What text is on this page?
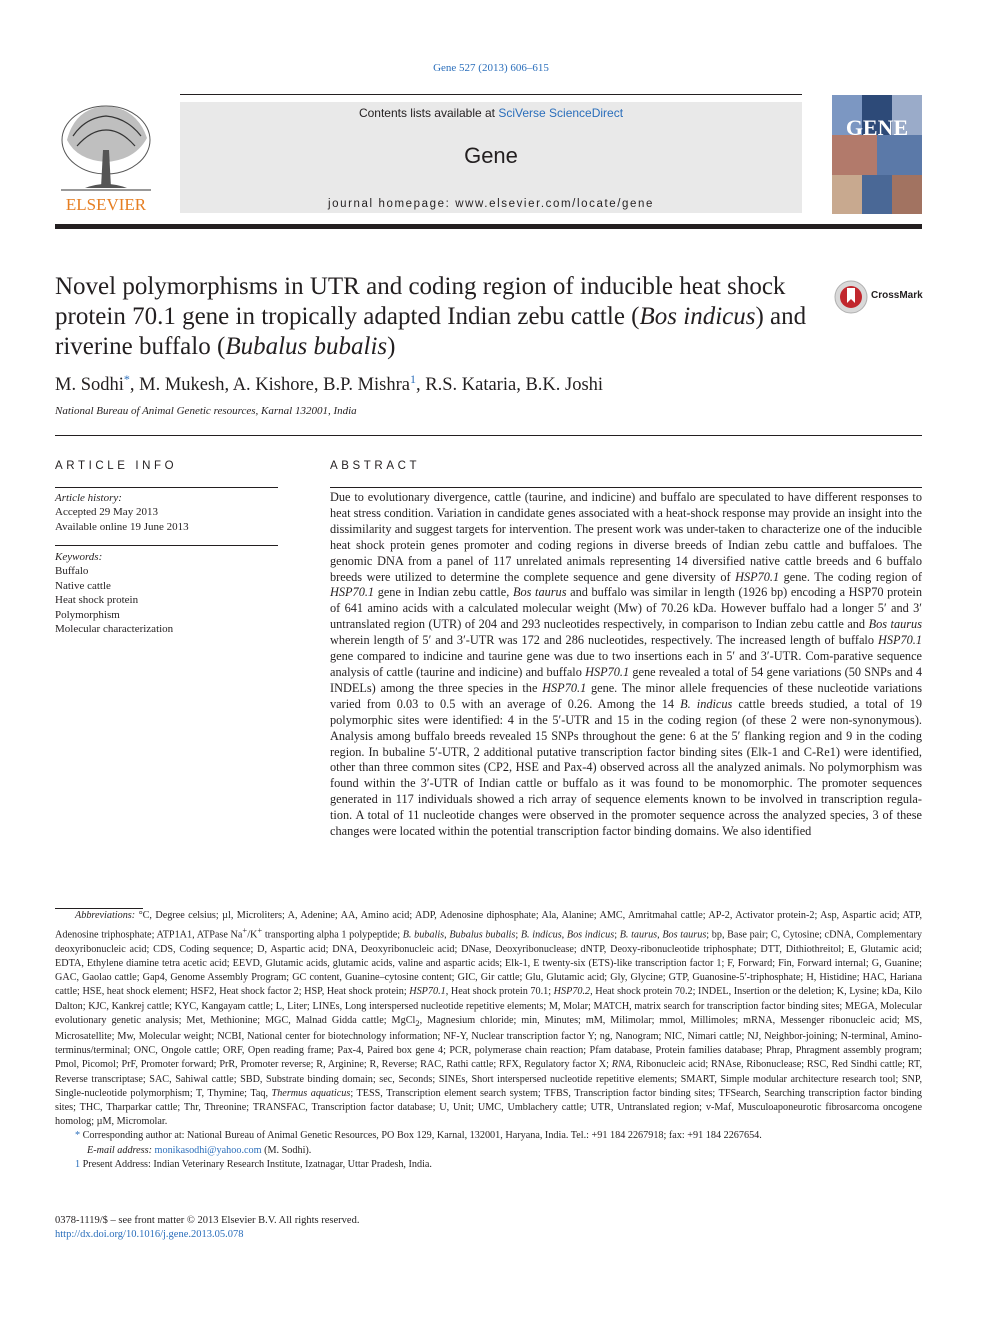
Gene 527 (2013) 606–615
ELSEVIER
Contents lists available at SciVerse ScienceDirect
Gene
journal homepage: www.elsevier.com/locate/gene
GENE
Novel polymorphisms in UTR and coding region of inducible heat shock protein 70.1 gene in tropically adapted Indian zebu cattle (Bos indicus) and riverine buffalo (Bubalus bubalis)
CrossMark
M. Sodhi*, M. Mukesh, A. Kishore, B.P. Mishra$^1$, R.S. Kataria, B.K. Joshi
National Bureau of Animal Genetic resources, Karnal 132001, India
ARTICLE INFO
Article history:
Accepted 29 May 2013
Available online 19 June 2013
Keywords:
Buffalo
Native cattle
Heat shock protein
Polymorphism
Molecular characterization
ABSTRACT
Due to evolutionary divergence, cattle (taurine, and indicine) and buffalo are speculated to have different responses to heat stress condition. Variation in candidate genes associated with a heat-shock response may provide an insight into the dissimilarity and suggest targets for intervention. The present work was under-taken to characterize one of the inducible heat shock protein genes promoter and coding regions in diverse breeds of Indian zebu cattle and buffaloes. The genomic DNA from a panel of 117 unrelated animals representing 14 diversified native cattle breeds and 6 buffalo breeds were utilized to determine the complete sequence and gene diversity of HSP70.1 gene. The coding region of HSP70.1 gene in Indian zebu cattle, Bos taurus and buffalo was similar in length (1926 bp) encoding a HSP70 protein of 641 amino acids with a calculated molecular weight (Mw) of 70.26 kDa. However buffalo had a longer 5′ and 3′ untranslated region (UTR) of 204 and 293 nucleotides respectively, in comparison to Indian zebu cattle and Bos taurus wherein length of 5′ and 3′-UTR was 172 and 286 nucleotides, respectively. The increased length of buffalo HSP70.1 gene compared to indicine and taurine gene was due to two insertions each in 5′ and 3′-UTR. Com-parative sequence analysis of cattle (taurine and indicine) and buffalo HSP70.1 gene revealed a total of 54 gene variations (50 SNPs and 4 INDELs) among the three species in the HSP70.1 gene. The minor allele frequencies of these nucleotide variations varied from 0.03 to 0.5 with an average of 0.26. Among the 14 B. indicus cattle breeds studied, a total of 19 polymorphic sites were identified: 4 in the 5′-UTR and 15 in the coding region (of these 2 were non-synonymous). Analysis among buffalo breeds revealed 15 SNPs throughout the gene: 6 at the 5′ flanking region and 9 in the coding region. In bubaline 5′-UTR, 2 additional putative transcription factor binding sites (Elk-1 and C-Re1) were identified, other than three common sites (CP2, HSE and Pax-4) observed across all the analyzed animals. No polymorphism was found within the 3′-UTR of Indian cattle or buffalo as it was found to be monomorphic. The promoter sequences generated in 117 individuals showed a rich array of sequence elements known to be involved in transcription regula-tion. A total of 11 nucleotide changes were observed in the promoter sequence across the analyzed species, 3 of these changes were located within the potential transcription factor binding domains. We also identified
Abbreviations: °C, Degree celsius; µl, Microliters; A, Adenine; AA, Amino acid; ADP, Adenosine diphosphate; Ala, Alanine; AMC, Amritmahal cattle; AP-2, Activator protein-2; Asp, Aspartic acid; ATP, Adenosine triphosphate; ATP1A1, ATPase Na+/K+ transporting alpha 1 polypeptide; B. bubalis, Bubalus bubalis; B. indicus, Bos indicus; B. taurus, Bos taurus; bp, Base pair; C, Cytosine; cDNA, Complementary deoxyribonucleic acid; CDS, Coding sequence; D, Aspartic acid; DNA, Deoxyribonucleic acid; DNase, Deoxyribonuclease; dNTP, Deoxy-ribonucleotide triphosphate; DTT, Dithiothreitol; E, Glutamic acid; EDTA, Ethylene diamine tetra acetic acid; EEVD, Glutamic acids, glutamic acids, valine and aspartic acids; Elk-1, E twenty-six (ETS)-like transcription factor 1; F, Forward; Fin, Forward internal; G, Guanine; GAC, Gaolao cattle; Gap4, Genome Assembly Program; GC content, Guanine–cytosine content; GIC, Gir cattle; Glu, Glutamic acid; Gly, Glycine; GTP, Guanosine-5′-triphosphate; H, Histidine; HAC, Hariana cattle; HSE, heat shock element; HSF2, Heat shock factor 2; HSP, Heat shock protein; HSP70.1, Heat shock protein 70.1; HSP70.2, Heat shock protein 70.2; INDEL, Insertion or the deletion; K, Lysine; kDa, Kilo Dalton; KJC, Kankrej cattle; KYC, Kangayam cattle; L, Liter; LINEs, Long interspersed nucleotide repetitive elements; M, Molar; MATCH, matrix search for transcription factor binding sites; MEGA, Molecular evolutionary genetic analysis; Met, Methionine; MGC, Malnad Gidda cattle; MgCl$_2$, Magnesium chloride; min, Minutes; mM, Milimolar; mmol, Millimoles; mRNA, Messenger ribonucleic acid; MS, Microsatellite; Mw, Molecular weight; NCBI, National center for biotechnology information; NF-Y, Nuclear transcription factor Y; ng, Nanogram; NIC, Nimari cattle; NJ, Neighbor-joining; N-terminal, Amino-terminus/terminal; ONC, Ongole cattle; ORF, Open reading frame; Pax-4, Paired box gene 4; PCR, polymerase chain reaction; Pfam database, Protein families database; Phrap, Phragment assembly program; Pmol, Picomol; PrF, Promoter forward; PrR, Promoter reverse; R, Arginine; R, Reverse; RAC, Rathi cattle; RFX, Regulatory factor X; RNA, Ribonucleic acid; RNAse, Ribonuclease; RSC, Red Sindhi cattle; RT, Reverse transcriptase; SAC, Sahiwal cattle; SBD, Substrate binding domain; sec, Seconds; SINEs, Short interspersed nucleotide repetitive elements; SMART, Simple modular architecture research tool; SNP, Single-nucleotide polymorphism; T, Thymine; Taq, Thermus aquaticus; TESS, Transcription element search system; TFBS, Transcription factor binding sites; TFSearch, Searching transcription factor binding sites; THC, Tharparkar cattle; Thr, Threonine; TRANSFAC, Transcription factor database; U, Unit; UMC, Umblachery cattle; UTR, Untranslated region; v-Maf, Musculoaponeurotic fibrosarcoma oncogene homolog; µM, Micromolar.
* Corresponding author at: National Bureau of Animal Genetic Resources, PO Box 129, Karnal, 132001, Haryana, India. Tel.: +91 184 2267918; fax: +91 184 2267654.
E-mail address: monikasodhi@yahoo.com (M. Sodhi).
1 Present Address: Indian Veterinary Research Institute, Izatnagar, Uttar Pradesh, India.
0378-1119/$ – see front matter © 2013 Elsevier B.V. All rights reserved.
http://dx.doi.org/10.1016/j.gene.2013.05.078
